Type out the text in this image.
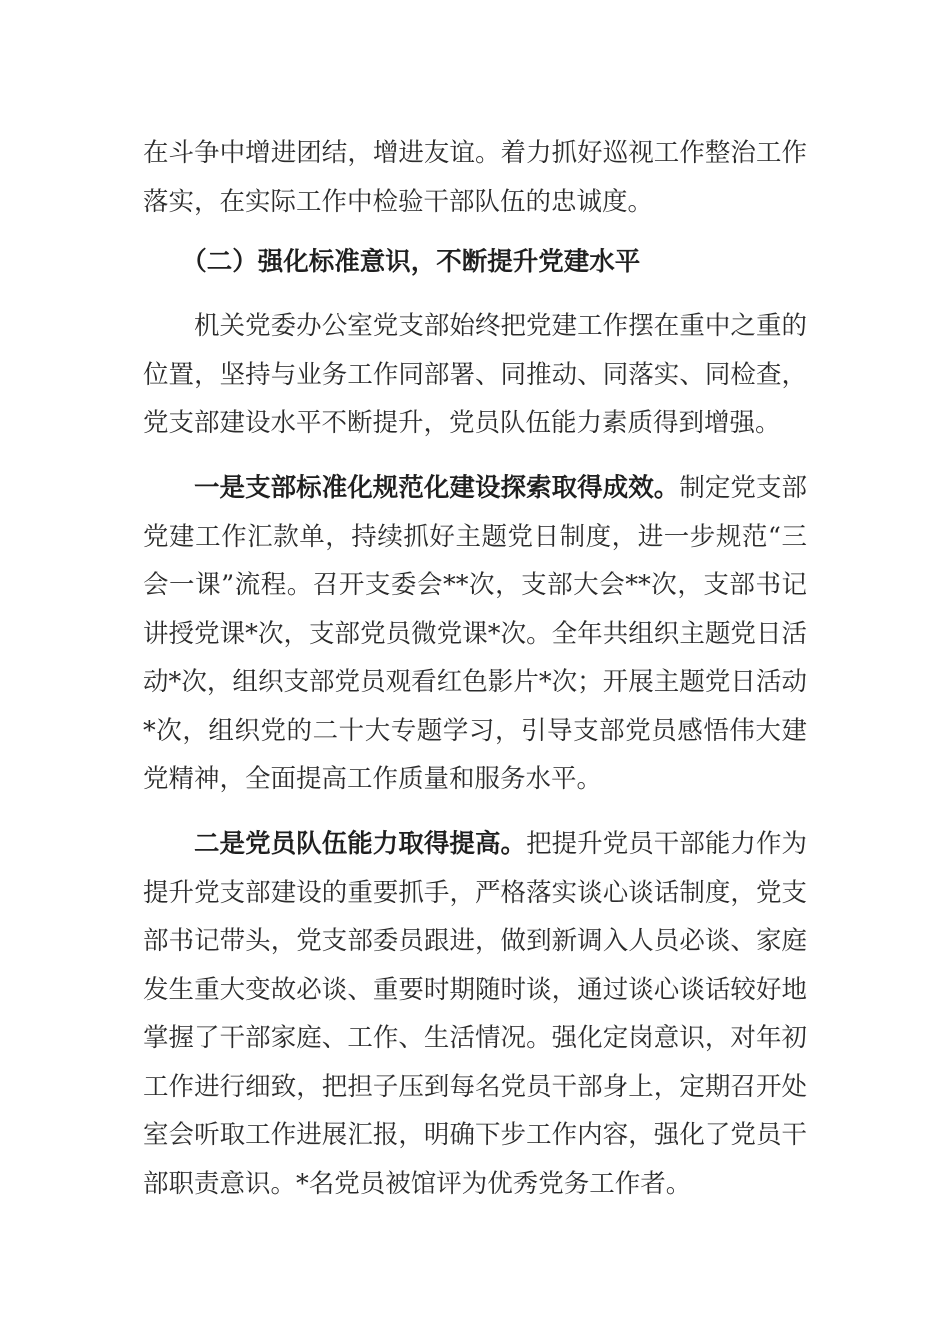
在斗争中增进团结，增进友谊。着力抓好巡视工作整治工作落实，在实际工作中检验干部队伍的忠诚度。

（二）强化标准意识，不断提升党建水平

机关党委办公室党支部始终把党建工作摆在重中之重的位置，坚持与业务工作同部署、同推动、同落实、同检查，党支部建设水平不断提升，党员队伍能力素质得到增强。

一是支部标准化规范化建设探索取得成效。制定党支部党建工作汇款单，持续抓好主题党日制度，进一步规范“三会一课”流程。召开支委会**次，支部大会**次，支部书记讲授党课*次，支部党员微党课*次。全年共组织主题党日活动*次，组织支部党员观看红色影片*次；开展主题党日活动*次，组织党的二十大专题学习，引导支部党员感悟伟大建党精神，全面提高工作质量和服务水平。

二是党员队伍能力取得提高。把提升党员干部能力作为提升党支部建设的重要抓手，严格落实谈心谈话制度，党支部书记带头，党支部委员跟进，做到新调入人员必谈、家庭发生重大变故必谈、重要时期随时谈，通过谈心谈话较好地掌握了干部家庭、工作、生活情况。强化定岗意识，对年初工作进行细致，把担子压到每名党员干部身上，定期召开处室会听取工作进展汇报，明确下步工作内容，强化了党员干部职责意识。*名党员被馆评为优秀党务工作者。
